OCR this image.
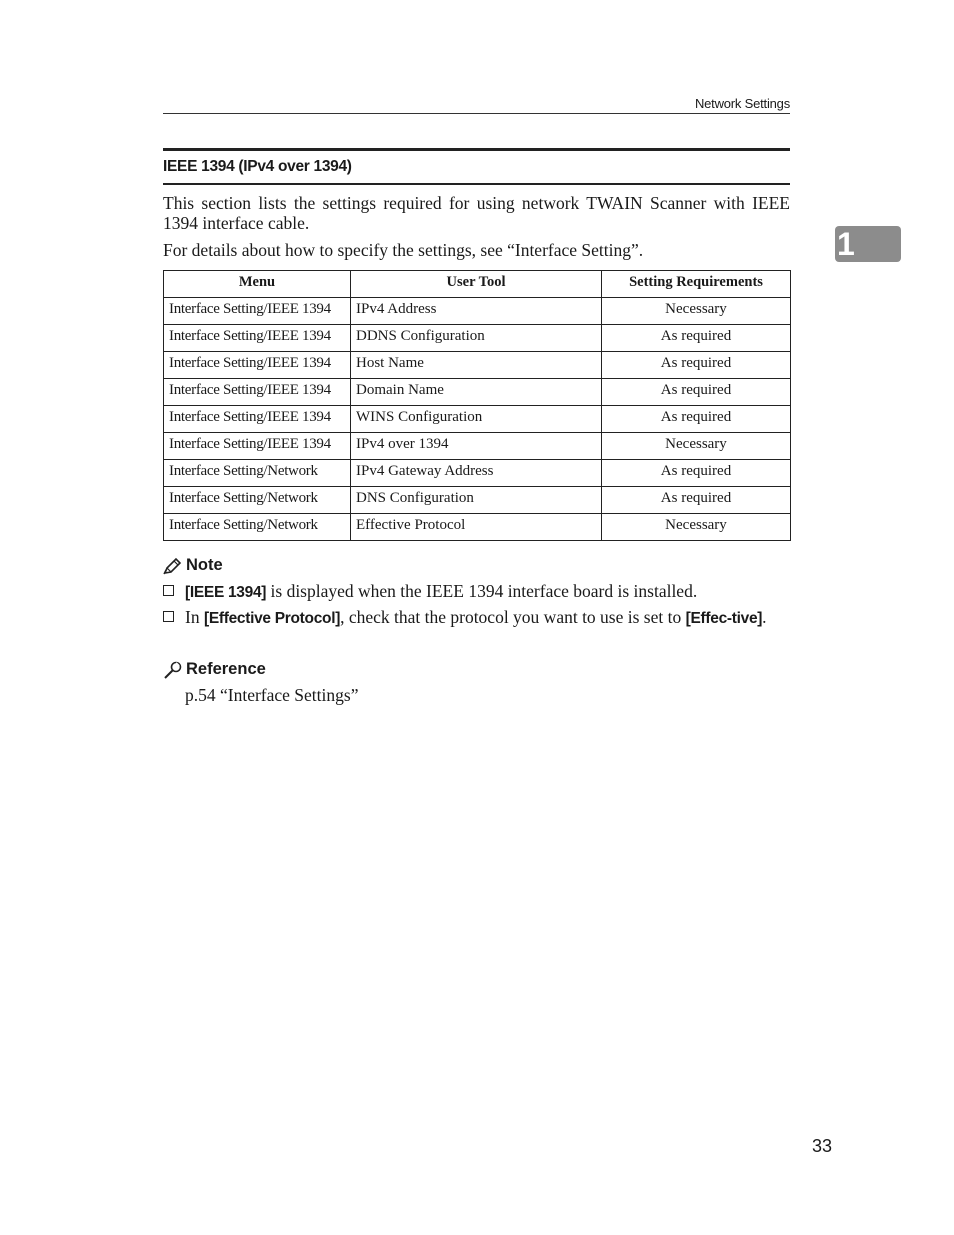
Network Settings
IEEE 1394 (IPv4 over 1394)
1

This section lists the settings required for using network TWAIN Scanner with IEEE 1394 interface cable.

For details about how to specify the settings, see “Interface Setting”.

Menu	User Tool	Setting Requirements
Interface Setting/IEEE 1394	IPv4 Address	Necessary
Interface Setting/IEEE 1394	DDNS Configuration	As required
Interface Setting/IEEE 1394	Host Name	As required
Interface Setting/IEEE 1394	Domain Name	As required
Interface Setting/IEEE 1394	WINS Configuration	As required
Interface Setting/IEEE 1394	IPv4 over 1394	Necessary
Interface Setting/Network	IPv4 Gateway Address	As required
Interface Setting/Network	DNS Configuration	As required
Interface Setting/Network	Effective Protocol	Necessary
Note
[IEEE 1394] is displayed when the IEEE 1394 interface board is installed.
In [Effective Protocol], check that the protocol you want to use is set to [Effec-tive].
Reference
p.54 “Interface Settings”
33
